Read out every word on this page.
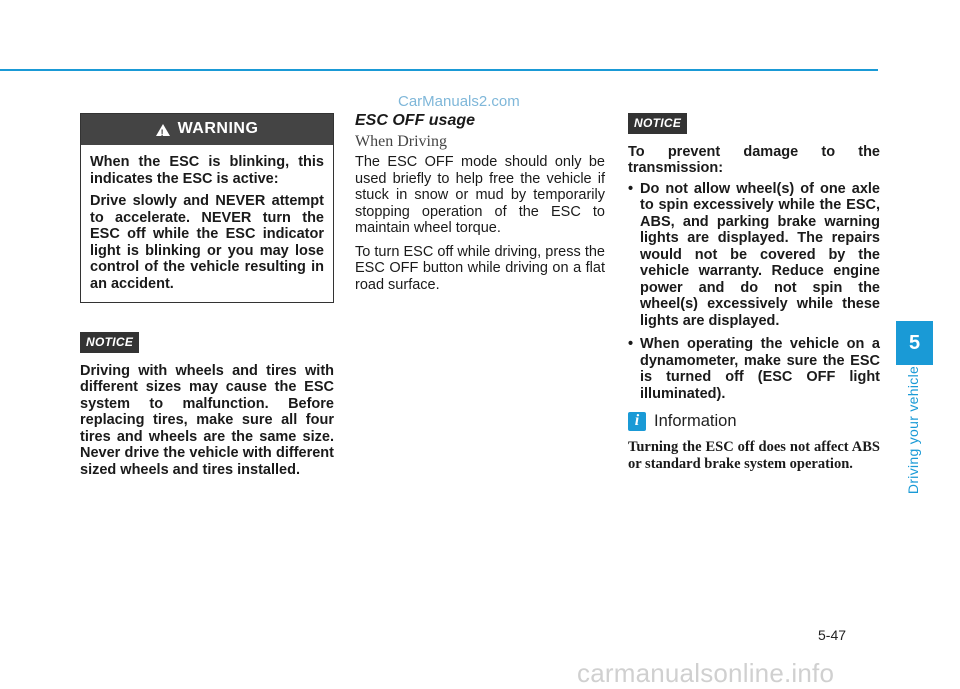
CarManuals2.com
5
Driving your vehicle
!
WARNING

When the ESC is blinking, this indicates the ESC is active:

Drive slowly and NEVER attempt to accelerate. NEVER turn the ESC off while the ESC indicator light is blinking or you may lose control of the vehicle resulting in an accident.

NOTICE

Driving with wheels and tires with different sizes may cause the ESC system to malfunction. Before replacing tires, make sure all four tires and wheels are the same size. Never drive the vehicle with different sized wheels and tires installed.

ESC OFF usage

When Driving

The ESC OFF mode should only be used briefly to help free the vehicle if stuck in snow or mud by temporarily stopping operation of the ESC to maintain wheel torque.

To turn ESC off while driving, press the ESC OFF button while driving on a flat road surface.

NOTICE

To prevent damage to the transmission:

• Do not allow wheel(s) of one axle to spin excessively while the ESC, ABS, and parking brake warning lights are displayed. The repairs would not be covered by the vehicle warranty. Reduce engine power and do not spin the wheel(s) excessively while these lights are displayed.
• When operating the vehicle on a dynamometer, make sure the ESC is turned off (ESC OFF light illuminated).
i Information

Turning the ESC off does not affect ABS or standard brake system operation.

5-47
carmanualsonline.info
